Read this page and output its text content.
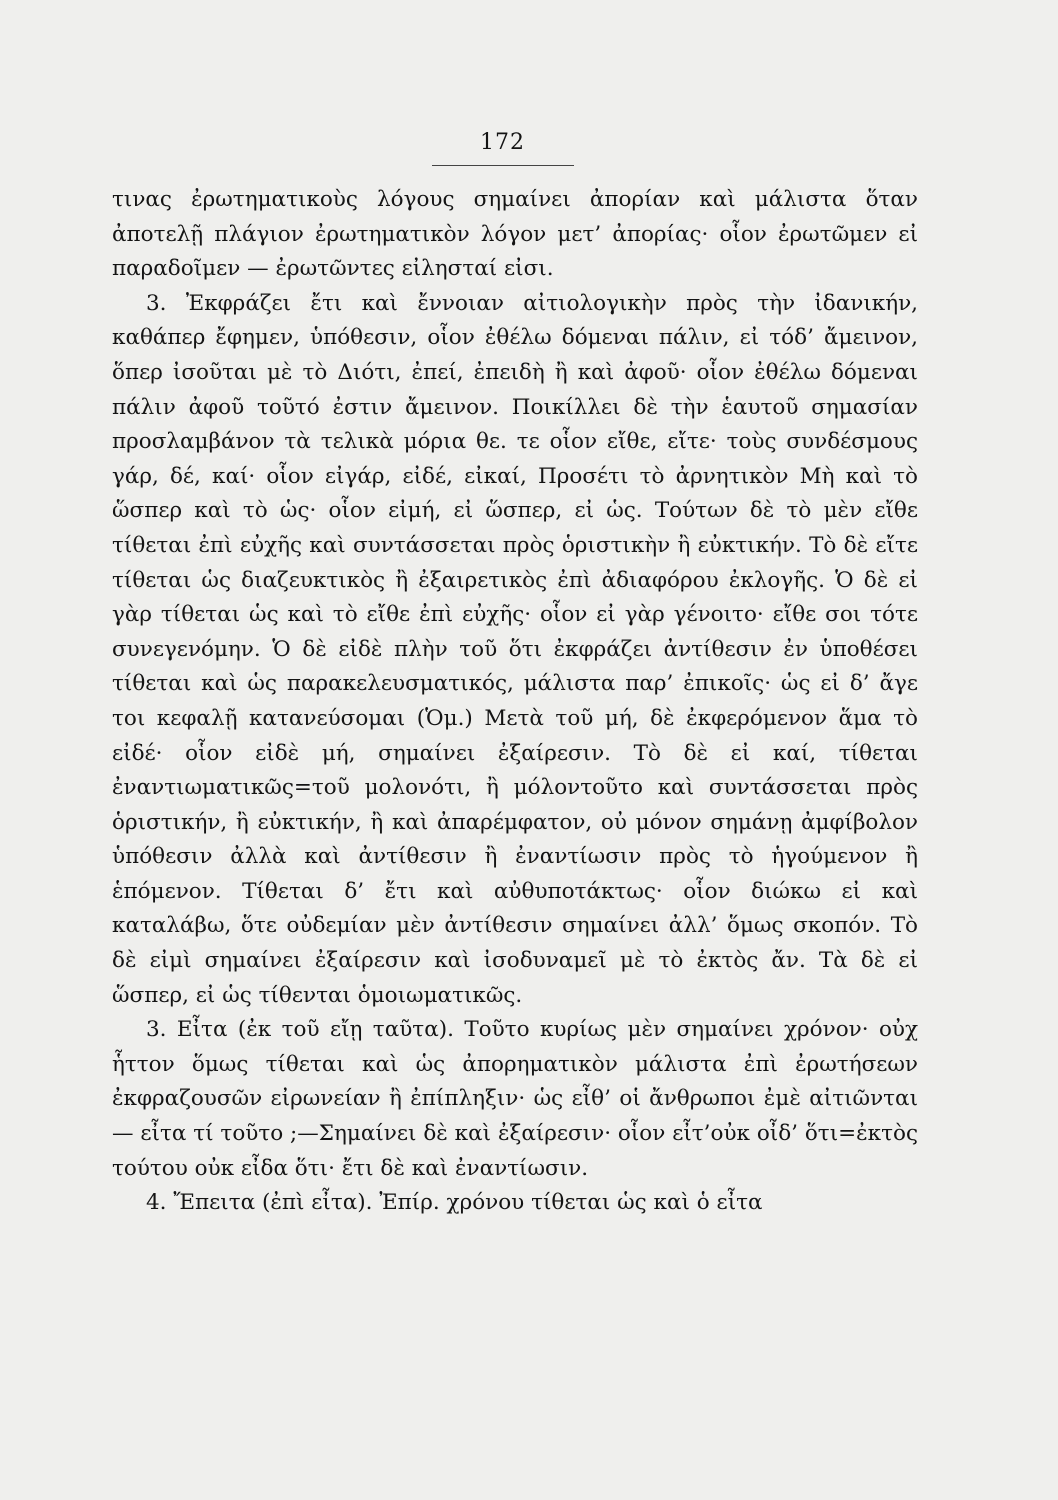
172

τινας ἐρωτηματικοὺς λόγους σημαίνει ἀπορίαν καὶ μάλιστα ὅταν ἀποτελῇ πλάγιον ἐρωτηματικὸν λόγον μετ’ ἀπορίας· οἷον ἐρωτῶμεν εἰ παραδοῖμεν — ἐρωτῶντες εἰλησταί εἰσι.

3. Ἐκφράζει ἔτι καὶ ἔννοιαν αἰτιολογικὴν πρὸς τὴν ἰδανικήν, καθάπερ ἔφημεν, ὑπόθεσιν, οἷον ἐθέλω δόμεναι πάλιν, εἰ τόδ’ ἄμεινον, ὅπερ ἰσοῦται μὲ τὸ Διότι, ἐπεί, ἐπειδὴ ἢ καὶ ἀφοῦ· οἷον ἐθέλω δόμεναι πάλιν ἀφοῦ τοῦτό ἐστιν ἄμεινον. Ποικίλλει δὲ τὴν ἑαυτοῦ σημασίαν προσλαμβάνον τὰ τελικὰ μόρια θε. τε οἷον εἴθε, εἴτε· τοὺς συνδέσμους γάρ, δέ, καί· οἷον εἰγάρ, εἰδέ, εἰκαί, Προσέτι τὸ ἀρνητικὸν Μὴ καὶ τὸ ὥσπερ καὶ τὸ ὡς· οἷον εἰμή, εἰ ὥσπερ, εἰ ὡς. Τούτων δὲ τὸ μὲν εἴθε τίθεται ἐπὶ εὐχῆς καὶ συντάσσεται πρὸς ὁριστικὴν ἢ εὐκτικήν. Τὸ δὲ εἴτε τίθεται ὡς διαζευκτικὸς ἢ ἐξαιρετικὸς ἐπὶ ἀδιαφόρου ἐκλογῆς. Ὁ δὲ εἰ γὰρ τίθεται ὡς καὶ τὸ εἴθε ἐπὶ εὐχῆς· οἷον εἰ γὰρ γένοιτο· εἴθε σοι τότε συνεγενόμην. Ὁ δὲ εἰδὲ πλὴν τοῦ ὅτι ἐκφράζει ἀντίθεσιν ἐν ὑποθέσει τίθεται καὶ ὡς παρακελευσματικός, μάλιστα παρ’ ἐπικοῖς· ὡς εἰ δ’ ἄγε τοι κεφαλῇ κατανεύσομαι (Ὁμ.) Μετὰ τοῦ μή, δὲ ἐκφερόμενον ἅμα τὸ εἰδέ· οἷον εἰδὲ μή, σημαίνει ἐξαίρεσιν. Τὸ δὲ εἰ καί, τίθεται ἐναντιωματικῶς=τοῦ μολονότι, ἢ μόλοντοῦτο καὶ συντάσσεται πρὸς ὁριστικήν, ἢ εὐκτικήν, ἢ καὶ ἀπαρέμφατον, οὐ μόνον σημάνῃ ἀμφίβολον ὑπόθεσιν ἀλλὰ καὶ ἀντίθεσιν ἢ ἐναντίωσιν πρὸς τὸ ἡγούμενον ἢ ἑπόμενον. Τίθεται δ’ ἔτι καὶ αὐθυποτάκτως· οἷον διώκω εἰ καὶ καταλάβω, ὅτε οὐδεμίαν μὲν ἀντίθεσιν σημαίνει ἀλλ’ ὅμως σκοπόν. Τὸ δὲ εἰμὶ σημαίνει ἐξαίρεσιν καὶ ἰσοδυναμεῖ μὲ τὸ ἐκτὸς ἄν. Τὰ δὲ εἰ ὥσπερ, εἰ ὡς τίθενται ὁμοιωματικῶς.

3. Εἶτα (ἐκ τοῦ εἴῃ ταῦτα). Τοῦτο κυρίως μὲν σημαίνει χρόνον· οὐχ ἧττον ὅμως τίθεται καὶ ὡς ἀπορηματικὸν μάλιστα ἐπὶ ἐρωτήσεων ἐκφραζουσῶν εἰρωνείαν ἢ ἐπίπληξιν· ὡς εἶθ’ οἱ ἄνθρωποι ἐμὲ αἰτιῶνται — εἶτα τί τοῦτο ;—Σημαίνει δὲ καὶ ἐξαίρεσιν· οἷον εἶτ’οὐκ οἶδ’ ὅτι=ἐκτὸς τούτου οὐκ εἶδα ὅτι· ἔτι δὲ καὶ ἐναντίωσιν.

4. Ἔπειτα (ἐπὶ εἶτα). Ἐπίρ. χρόνου τίθεται ὡς καὶ ὁ εἶτα
